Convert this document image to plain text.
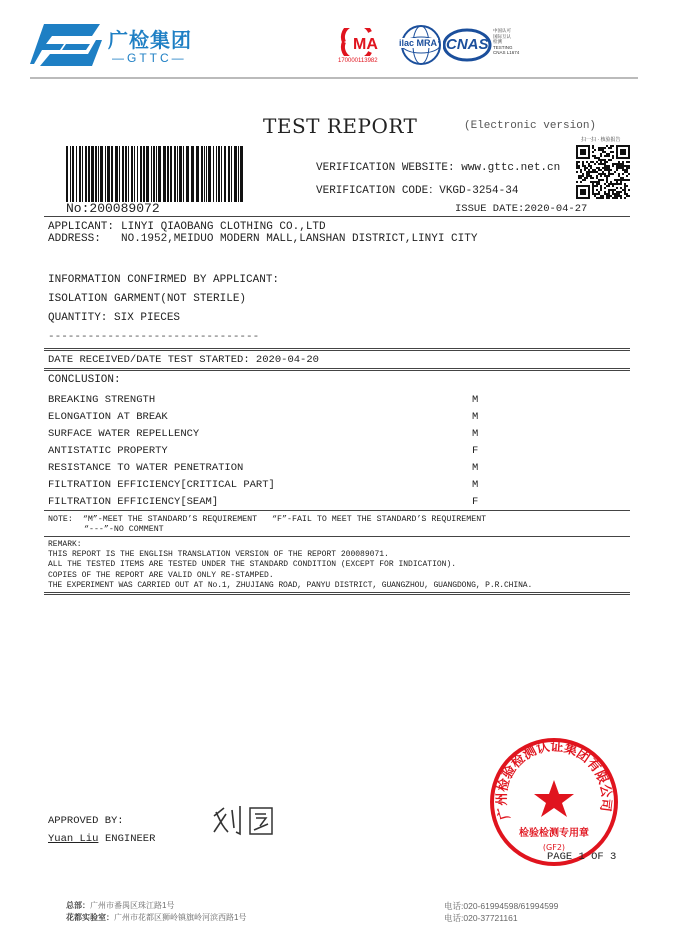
广检集团
—GTTC—
MA
170000113982
ilac MRA CNAS
中国认可
国际互认
检测
TESTING
CNAS L1674
TEST REPORT	(Electronic version)
VERIFICATION WEBSITE: www.gttc.net.cn
VERIFICATION CODE：VKGD-3254-34
扫一扫 · 核验报告
No:200089072	ISSUE DATE:2020-04-27
APPLICANT: LINYI QIAOBANG CLOTHING CO.,LTD
ADDRESS: NO.1952,MEIDUO MODERN MALL,LANSHAN DISTRICT,LINYI CITY
INFORMATION CONFIRMED BY APPLICANT:
ISOLATION GARMENT(NOT STERILE)
QUANTITY: SIX PIECES
--------------------------------
DATE RECEIVED/DATE TEST STARTED: 2020-04-20
CONCLUSION:
BREAKING STRENGTH	M
ELONGATION AT BREAK	M
SURFACE WATER REPELLENCY	M
ANTISTATIC PROPERTY	F
RESISTANCE TO WATER PENETRATION	M
FILTRATION EFFICIENCY[CRITICAL PART]	M
FILTRATION EFFICIENCY[SEAM]	F
NOTE:  “M”-MEET THE STANDARD’S REQUIREMENT   “F”-FAIL TO MEET THE STANDARD’S REQUIREMENT
“---”-NO COMMENT
REMARK:
THIS REPORT IS THE ENGLISH TRANSLATION VERSION OF THE REPORT 200089071.
ALL THE TESTED ITEMS ARE TESTED UNDER THE STANDARD CONDITION (EXCEPT FOR INDICATION).
COPIES OF THE REPORT ARE VALID ONLY RE-STAMPED.
THE EXPERIMENT WAS CARRIED OUT AT No.1, ZHUJIANG ROAD, PANYU DISTRICT, GUANGZHOU, GUANGDONG, P.R.CHINA.
APPROVED BY:
Yuan Liu ENGINEER
广州检验检测认证集团有限公司
检验检测专用章
(GF2)
PAGE 1 OF 3
总部：广州市番禺区珠江路1号
花都实验室：广州市花都区狮岭镇旗岭河滨西路1号
电话:020-61994598/61994599
电话:020-37721161
